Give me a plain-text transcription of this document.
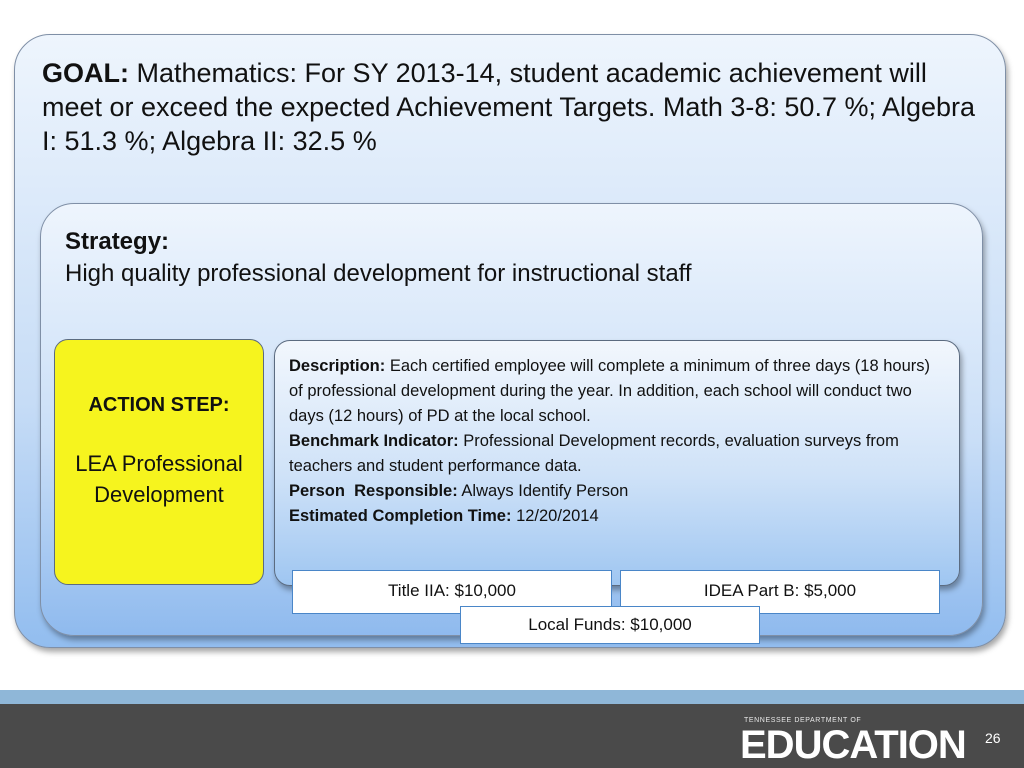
GOAL: Mathematics: For SY 2013-14, student academic achievement will meet or exceed the expected Achievement Targets. Math 3-8: 50.7 %; Algebra I: 51.3 %; Algebra II: 32.5 %
Strategy:
High quality professional development for instructional staff
ACTION STEP:
LEA Professional Development

Description: Each certified employee will complete a minimum of three days (18 hours) of professional development during the year. In addition, each school will conduct two days (12 hours) of PD at the local school.

Benchmark Indicator: Professional Development records, evaluation surveys from teachers and student performance data.

Person  Responsible: Always Identify Person

Estimated Completion Time: 12/20/2014

Title IIA: $10,000	IDEA Part B: $5,000
Local Funds: $10,000
TENNESSEE DEPARTMENT OF
EDUCATION 26
